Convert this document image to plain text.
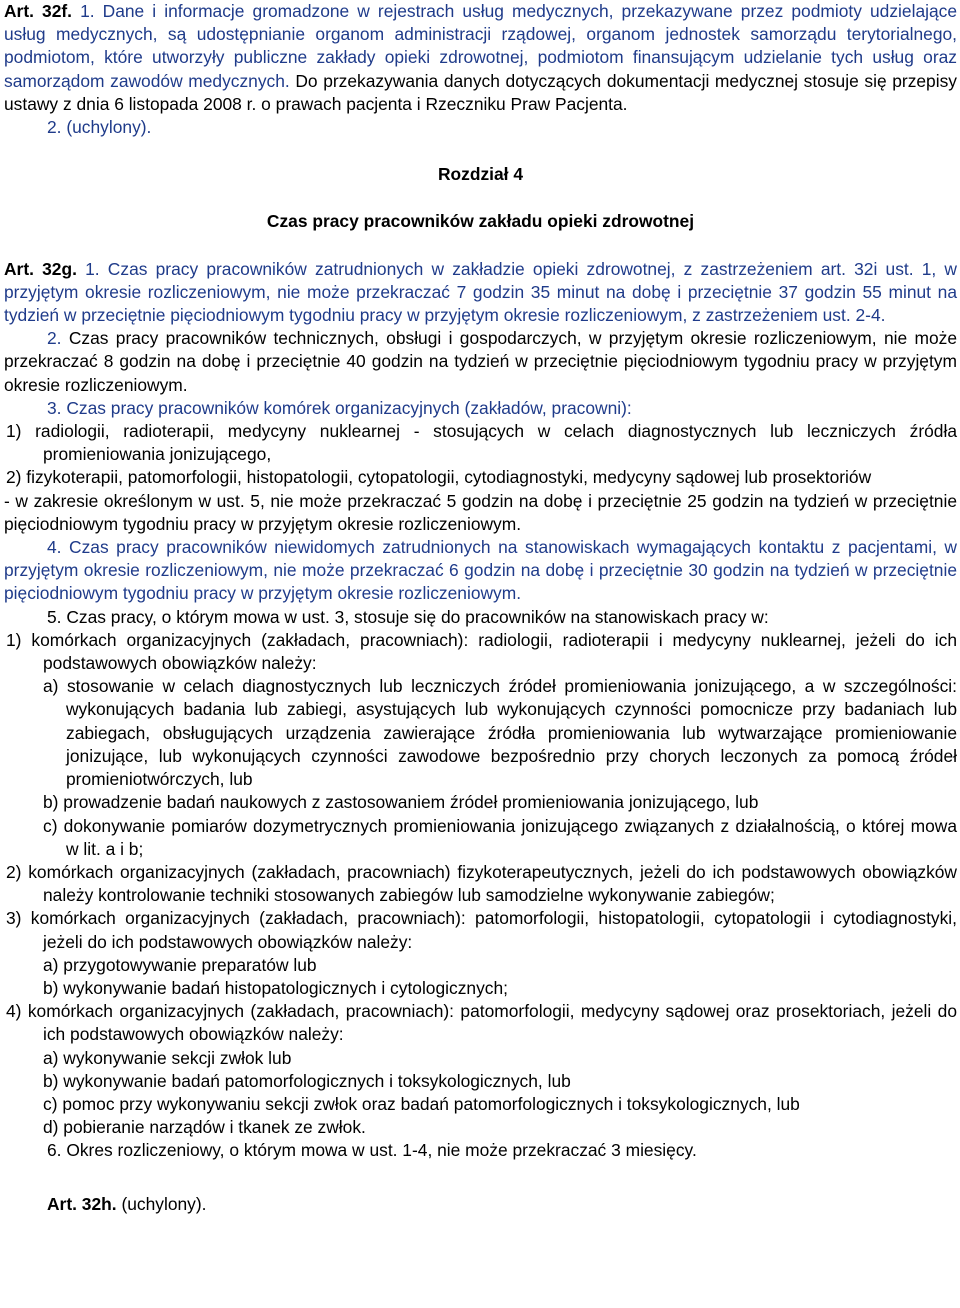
Art. 32f. 1. Dane i informacje gromadzone w rejestrach usług medycznych, przekazywane przez podmioty udzielające usług medycznych, są udostępnianie organom administracji rządowej, organom jednostek samorządu terytorialnego, podmiotom, które utworzyły publiczne zakłady opieki zdrowotnej, podmiotom finansującym udzielanie tych usług oraz samorządom zawodów medycznych. Do przekazywania danych dotyczących dokumentacji medycznej stosuje się przepisy ustawy z dnia 6 listopada 2008 r. o prawach pacjenta i Rzeczniku Praw Pacjenta.

2. (uchylony).

Rozdział 4

Czas pracy pracowników zakładu opieki zdrowotnej

Art. 32g. 1. Czas pracy pracowników zatrudnionych w zakładzie opieki zdrowotnej, z zastrzeżeniem art. 32i ust. 1, w przyjętym okresie rozliczeniowym, nie może przekraczać 7 godzin 35 minut na dobę i przeciętnie 37 godzin 55 minut na tydzień w przeciętnie pięciodniowym tygodniu pracy w przyjętym okresie rozliczeniowym, z zastrzeżeniem ust. 2-4.

2. Czas pracy pracowników technicznych, obsługi i gospodarczych, w przyjętym okresie rozliczeniowym, nie może przekraczać 8 godzin na dobę i przeciętnie 40 godzin na tydzień w przeciętnie pięciodniowym tygodniu pracy w przyjętym okresie rozliczeniowym.

3. Czas pracy pracowników komórek organizacyjnych (zakładów, pracowni):

1) radiologii, radioterapii, medycyny nuklearnej - stosujących w celach diagnostycznych lub leczniczych źródła promieniowania jonizującego,

2) fizykoterapii, patomorfologii, histopatologii, cytopatologii, cytodiagnostyki, medycyny sądowej lub prosektoriów

- w zakresie określonym w ust. 5, nie może przekraczać 5 godzin na dobę i przeciętnie 25 godzin na tydzień w przeciętnie pięciodniowym tygodniu pracy w przyjętym okresie rozliczeniowym.

4. Czas pracy pracowników niewidomych zatrudnionych na stanowiskach wymagających kontaktu z pacjentami, w przyjętym okresie rozliczeniowym, nie może przekraczać 6 godzin na dobę i przeciętnie 30 godzin na tydzień w przeciętnie pięciodniowym tygodniu pracy w przyjętym okresie rozliczeniowym.

5. Czas pracy, o którym mowa w ust. 3, stosuje się do pracowników na stanowiskach pracy w:

1) komórkach organizacyjnych (zakładach, pracowniach): radiologii, radioterapii i medycyny nuklearnej, jeżeli do ich podstawowych obowiązków należy:

a) stosowanie w celach diagnostycznych lub leczniczych źródeł promieniowania jonizującego, a w szczególności: wykonujących badania lub zabiegi, asystujących lub wykonujących czynności pomocnicze przy badaniach lub zabiegach, obsługujących urządzenia zawierające źródła promieniowania lub wytwarzające promieniowanie jonizujące, lub wykonujących czynności zawodowe bezpośrednio przy chorych leczonych za pomocą źródeł promieniotwórczych, lub

b) prowadzenie badań naukowych z zastosowaniem źródeł promieniowania jonizującego, lub

c) dokonywanie pomiarów dozymetrycznych promieniowania jonizującego związanych z działalnością, o której mowa w lit. a i b;

2) komórkach organizacyjnych (zakładach, pracowniach) fizykoterapeutycznych, jeżeli do ich podstawowych obowiązków należy kontrolowanie techniki stosowanych zabiegów lub samodzielne wykonywanie zabiegów;

3) komórkach organizacyjnych (zakładach, pracowniach): patomorfologii, histopatologii, cytopatologii i cytodiagnostyki, jeżeli do ich podstawowych obowiązków należy:

a) przygotowywanie preparatów lub

b) wykonywanie badań histopatologicznych i cytologicznych;

4) komórkach organizacyjnych (zakładach, pracowniach): patomorfologii, medycyny sądowej oraz prosektoriach, jeżeli do ich podstawowych obowiązków należy:

a) wykonywanie sekcji zwłok lub

b) wykonywanie badań patomorfologicznych i toksykologicznych, lub

c) pomoc przy wykonywaniu sekcji zwłok oraz badań patomorfologicznych i toksykologicznych, lub

d) pobieranie narządów i tkanek ze zwłok.

6. Okres rozliczeniowy, o którym mowa w ust. 1-4, nie może przekraczać 3 miesięcy.

Art. 32h. (uchylony).
